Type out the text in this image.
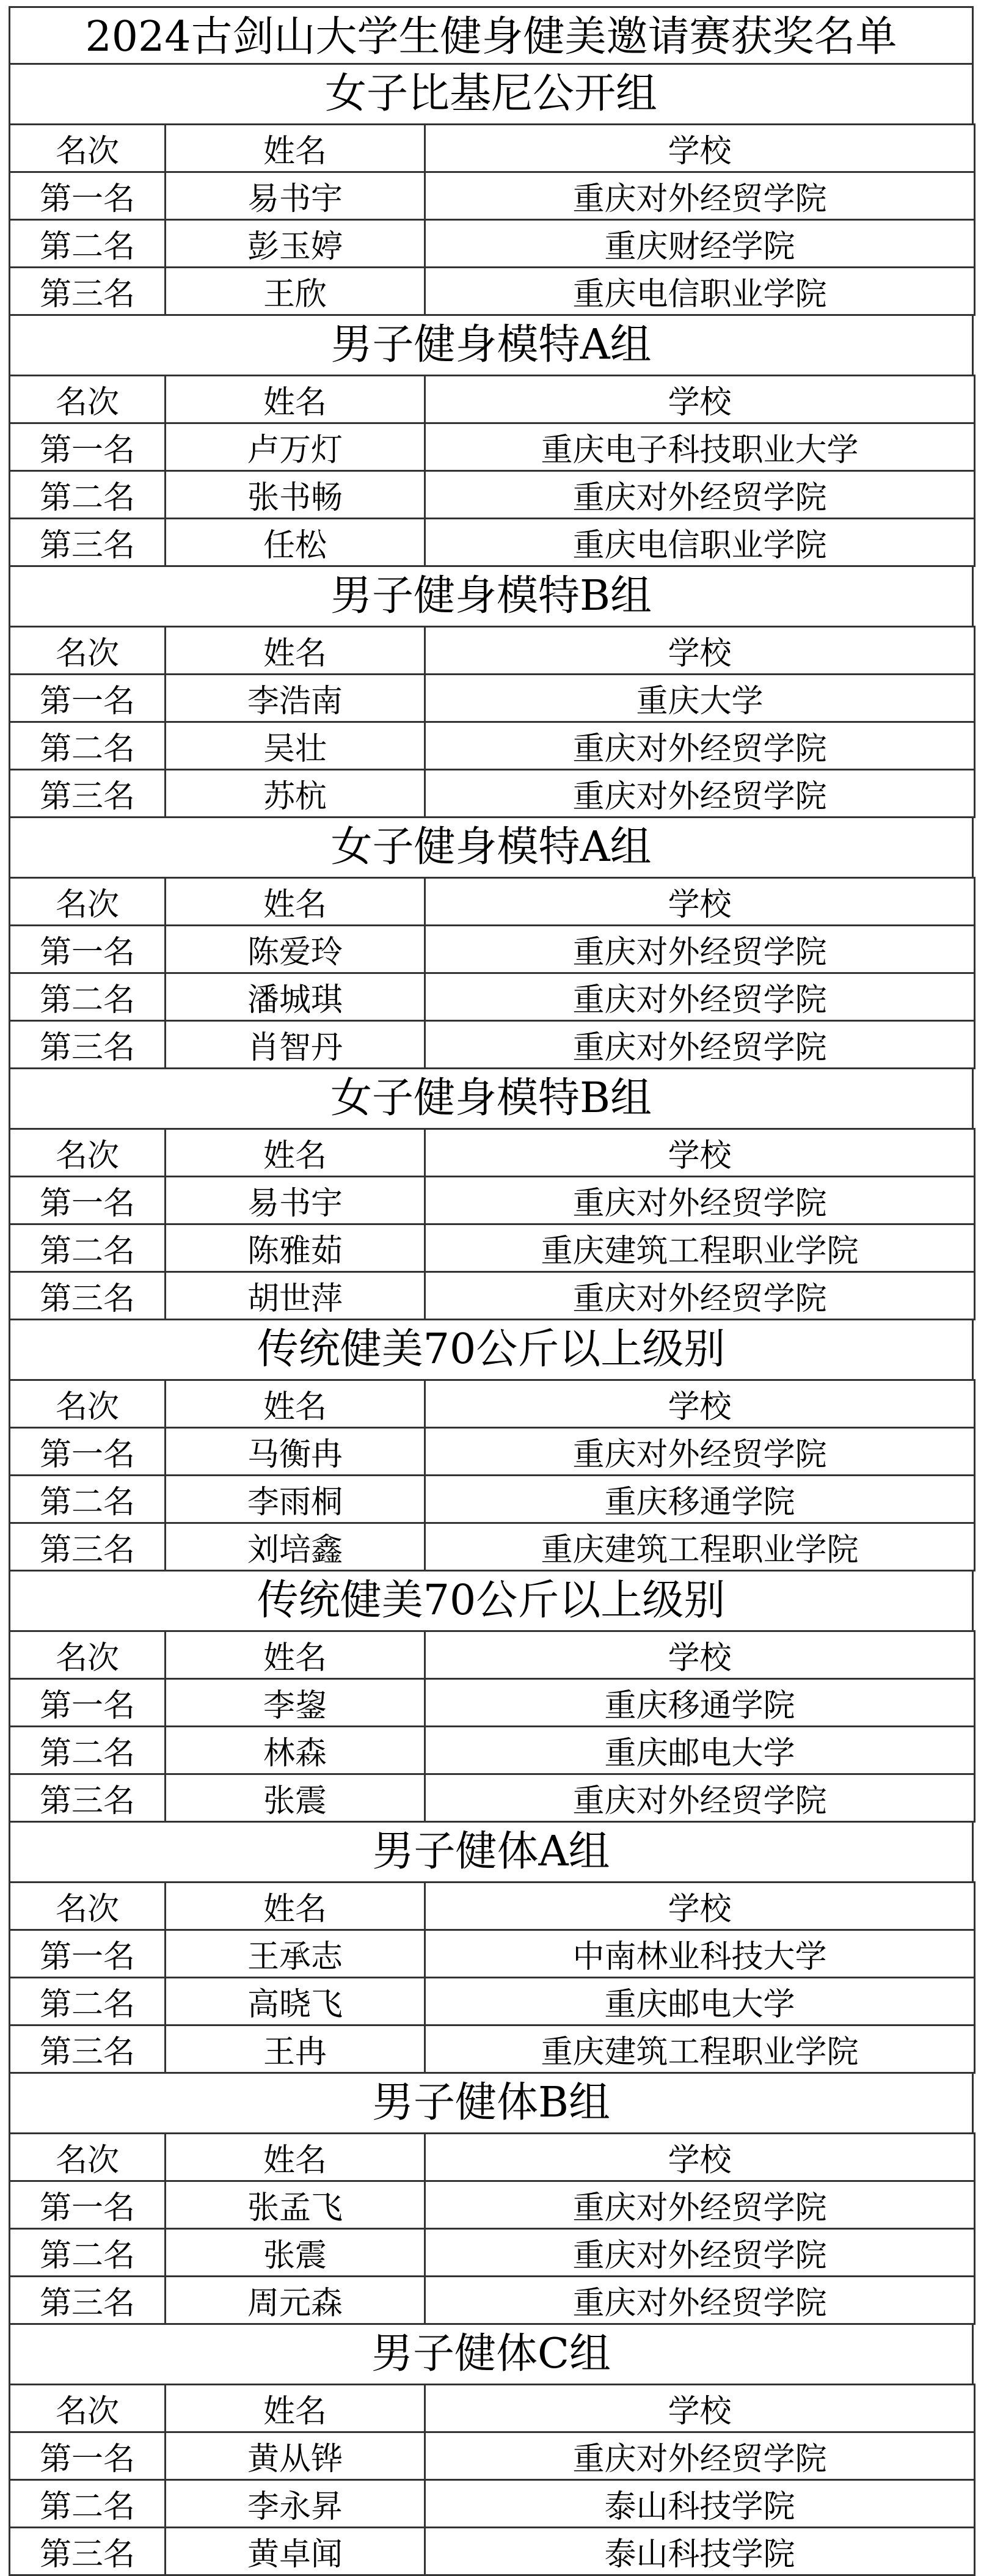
2024古剑山大学生健身健美邀请赛获奖名单
女子比基尼公开组
名次	姓名	学校
第一名	易书宇	重庆对外经贸学院
第二名	彭玉婷	重庆财经学院
第三名	王欣	重庆电信职业学院
男子健身模特A组
名次	姓名	学校
第一名	卢万灯	重庆电子科技职业大学
第二名	张书畅	重庆对外经贸学院
第三名	任松	重庆电信职业学院
男子健身模特B组
名次	姓名	学校
第一名	李浩南	重庆大学
第二名	吴壮	重庆对外经贸学院
第三名	苏杭	重庆对外经贸学院
女子健身模特A组
名次	姓名	学校
第一名	陈爱玲	重庆对外经贸学院
第二名	潘城琪	重庆对外经贸学院
第三名	肖智丹	重庆对外经贸学院
女子健身模特B组
名次	姓名	学校
第一名	易书宇	重庆对外经贸学院
第二名	陈雅茹	重庆建筑工程职业学院
第三名	胡世萍	重庆对外经贸学院
传统健美70公斤以上级别
名次	姓名	学校
第一名	马衡冉	重庆对外经贸学院
第二名	李雨桐	重庆移通学院
第三名	刘培鑫	重庆建筑工程职业学院
传统健美70公斤以上级别
名次	姓名	学校
第一名	李鋆	重庆移通学院
第二名	林森	重庆邮电大学
第三名	张震	重庆对外经贸学院
男子健体A组
名次	姓名	学校
第一名	王承志	中南林业科技大学
第二名	高晓飞	重庆邮电大学
第三名	王冉	重庆建筑工程职业学院
男子健体B组
名次	姓名	学校
第一名	张孟飞	重庆对外经贸学院
第二名	张震	重庆对外经贸学院
第三名	周元森	重庆对外经贸学院
男子健体C组
名次	姓名	学校
第一名	黄从铧	重庆对外经贸学院
第二名	李永昇	泰山科技学院
第三名	黄卓闻	泰山科技学院
